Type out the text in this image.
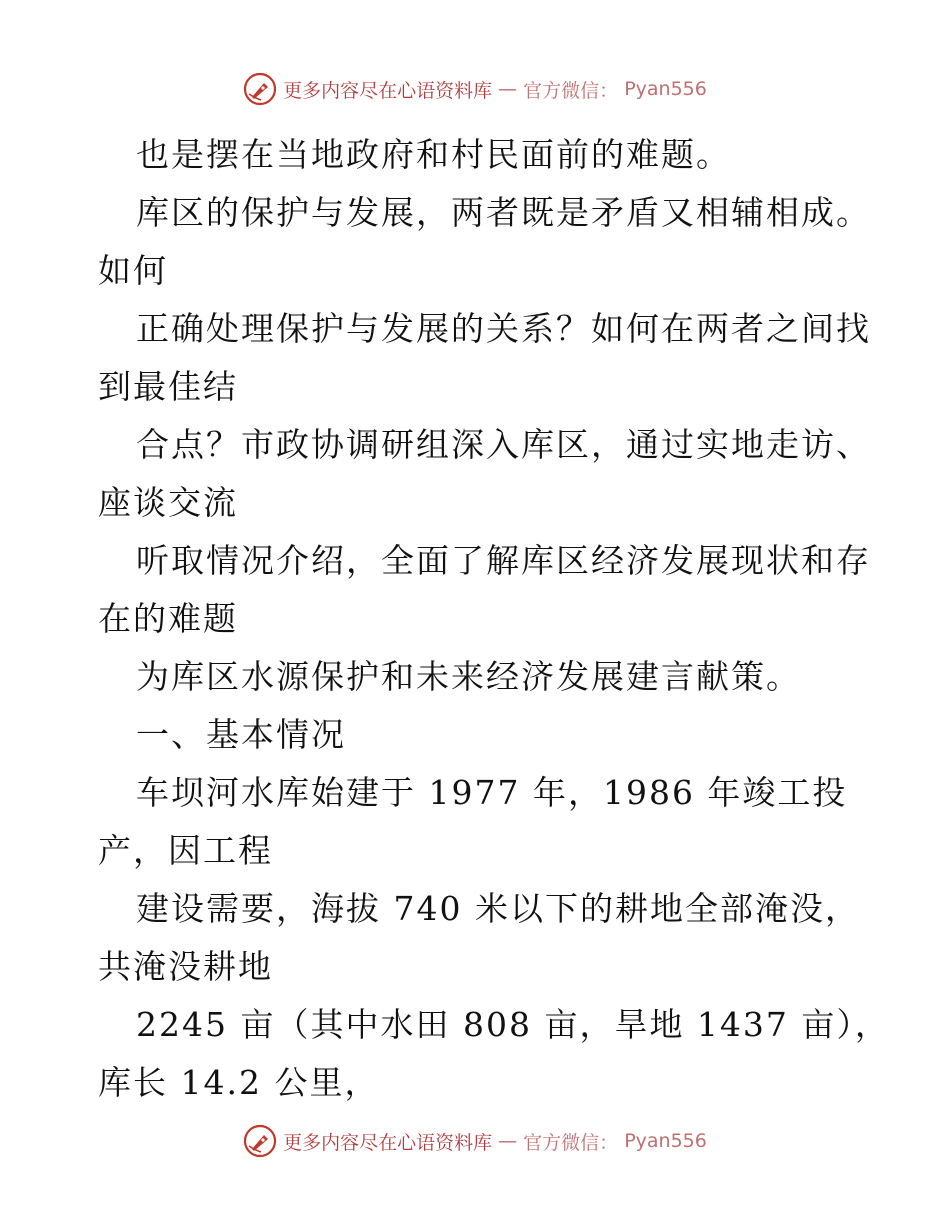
更多内容尽在心语资料库 — 官方微信： Pyan556

也是摆在当地政府和村民面前的难题。

库区的保护与发展，两者既是矛盾又相辅相成。

如何

正确处理保护与发展的关系？如何在两者之间找

到最佳结

合点？市政协调研组深入库区，通过实地走访、

座谈交流

听取情况介绍，全面了解库区经济发展现状和存

在的难题

为库区水源保护和未来经济发展建言献策。

一、基本情况

车坝河水库始建于 1977 年，1986 年竣工投

产，因工程

建设需要，海拔 740 米以下的耕地全部淹没，

共淹没耕地

2245 亩（其中水田 808 亩，旱地 1437 亩），

库长 14.2 公里，

更多内容尽在心语资料库 — 官方微信： Pyan556
